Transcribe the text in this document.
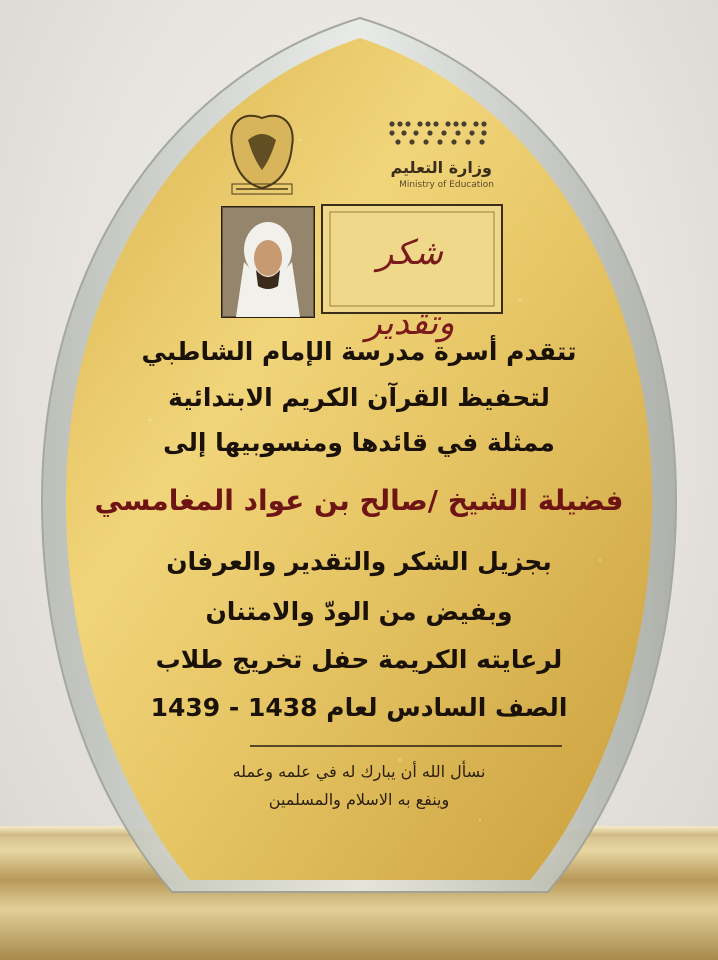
وزارة التعليم
Ministry of Education
شكر وتقدير
تتقدم أسرة مدرسة الإمام الشاطبي
لتحفيظ القرآن الكريم الابتدائية
ممثلة في قائدها ومنسوبيها إلى
فضيلة الشيخ /صالح بن عواد المغامسي
بجزيل الشكر والتقدير والعرفان
وبفيض من الودّ والامتنان
لرعايته الكريمة حفل تخريج طلاب
الصف السادس لعام 1438 - 1439
نسأل الله أن يبارك له في علمه وعمله
وينفع به الاسلام والمسلمين
